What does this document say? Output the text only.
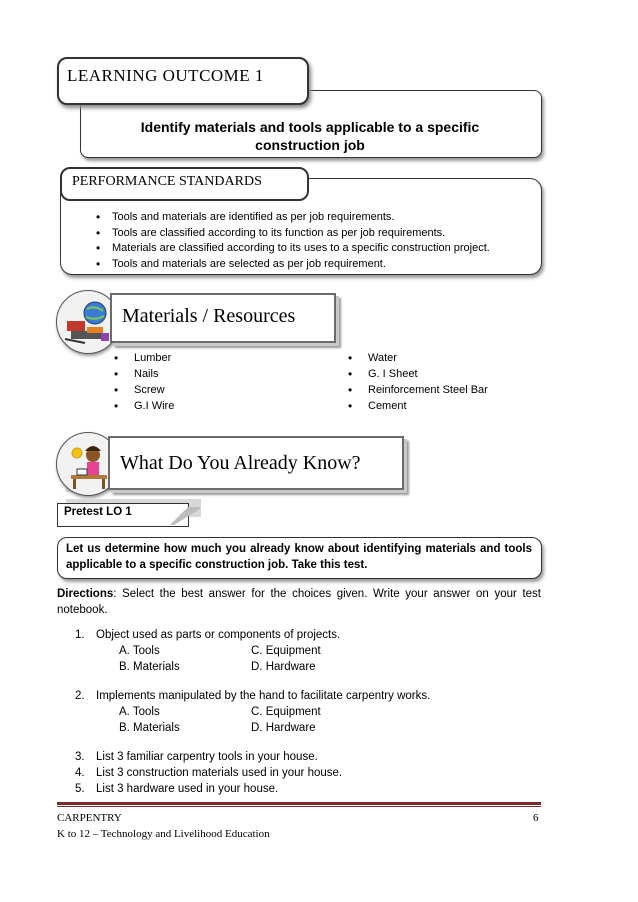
Identify materials and tools applicable to a specific
construction job
LEARNING OUTCOME 1
PERFORMANCE STANDARDS
• Tools and materials are identified as per job requirements.
• Tools are classified according to its function as per job requirements.
• Materials are classified according to its uses to a specific construction project.
• Tools and materials are selected as per job requirement.
Materials / Resources
• Lumber
• Nails
• Screw
• G.I Wire
• Water
• G. I Sheet
• Reinforcement Steel Bar
• Cement
What Do You Already Know?
Pretest LO 1
Let us determine how much you already know about identifying materials and tools applicable to a specific construction job. Take this test.
Directions: Select the best answer for the choices given. Write your answer on your test notebook.
1. Object used as parts or components of projects.
A. Tools	C. Equipment
B. Materials	D. Hardware
2. Implements manipulated by the hand to facilitate carpentry works.
A. Tools	C. Equipment
B. Materials	D. Hardware
3. List 3 familiar carpentry tools in your house.
4. List 3 construction materials used in your house.
5. List 3 hardware used in your house.
CARPENTRY	6
K to 12 – Technology and Livelihood Education
